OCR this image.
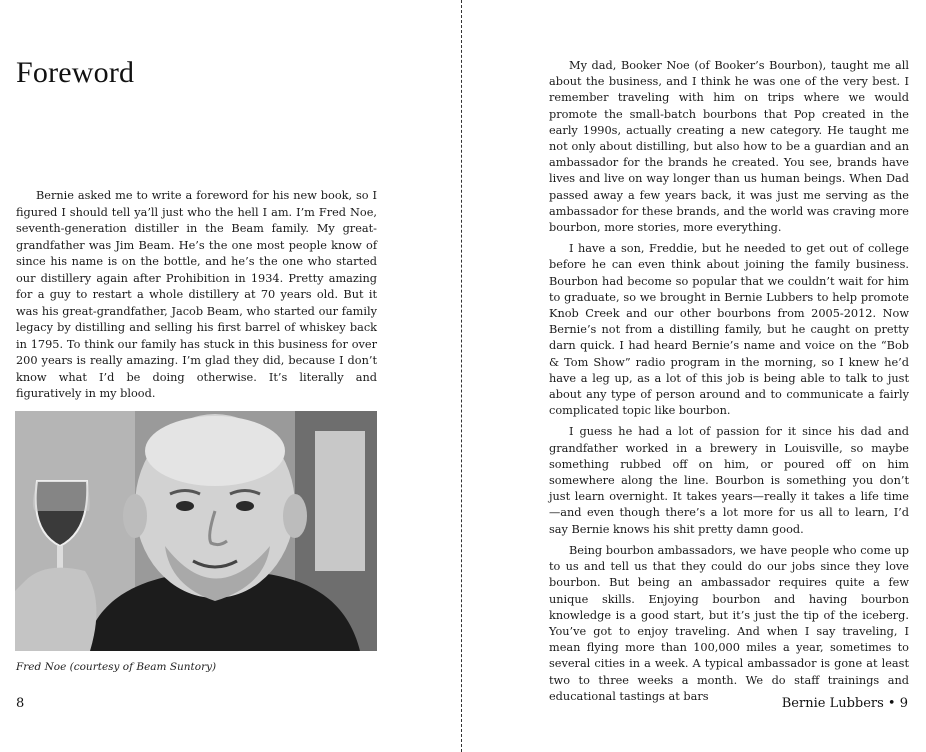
Foreword

Bernie asked me to write a foreword for his new book, so I figured I should tell ya’ll just who the hell I am. I’m Fred Noe, seventh-generation distiller in the Beam family. My great-grandfather was Jim Beam. He’s the one most people know of since his name is on the bottle, and he’s the one who started our distillery again after Prohibition in 1934. Pretty amazing for a guy to restart a whole distillery at 70 years old. But it was his great-grandfather, Jacob Beam, who started our family legacy by distilling and selling his first barrel of whiskey back in 1795. To think our family has stuck in this business for over 200 years is really amazing. I’m glad they did, because I don’t know what I’d be doing otherwise. It’s literally and figuratively in my blood.

Fred Noe (courtesy of Beam Suntory)

8

My dad, Booker Noe (of Booker’s Bourbon), taught me all about the business, and I think he was one of the very best. I remember traveling with him on trips where we would promote the small-batch bourbons that Pop created in the early 1990s, actually creating a new category. He taught me not only about distilling, but also how to be a guardian and an ambassador for the brands he created. You see, brands have lives and live on way longer than us human beings. When Dad passed away a few years back, it was just me serving as the ambassador for these brands, and the world was craving more bourbon, more stories, more everything.

I have a son, Freddie, but he needed to get out of college before he can even think about joining the family business. Bourbon had become so popular that we couldn’t wait for him to graduate, so we brought in Bernie Lubbers to help promote Knob Creek and our other bourbons from 2005-2012. Now Bernie’s not from a distilling family, but he caught on pretty darn quick. I had heard Bernie’s name and voice on the “Bob & Tom Show” radio program in the morning, so I knew he’d have a leg up, as a lot of this job is being able to talk to just about any type of person around and to communicate a fairly complicated topic like bourbon.

I guess he had a lot of passion for it since his dad and grandfather worked in a brewery in Louisville, so maybe something rubbed off on him, or poured off on him somewhere along the line. Bourbon is something you don’t just learn overnight. It takes years—really it takes a life time—and even though there’s a lot more for us all to learn, I’d say Bernie knows his shit pretty damn good.

Being bourbon ambassadors, we have people who come up to us and tell us that they could do our jobs since they love bourbon. But being an ambassador requires quite a few unique skills. Enjoying bourbon and having bourbon knowledge is a good start, but it’s just the tip of the iceberg. You’ve got to enjoy traveling. And when I say traveling, I mean flying more than 100,000 miles a year, sometimes to several cities in a week. A typical ambassador is gone at least two to three weeks a month. We do staff trainings and educational tastings at bars	Bernie Lubbers • 9
